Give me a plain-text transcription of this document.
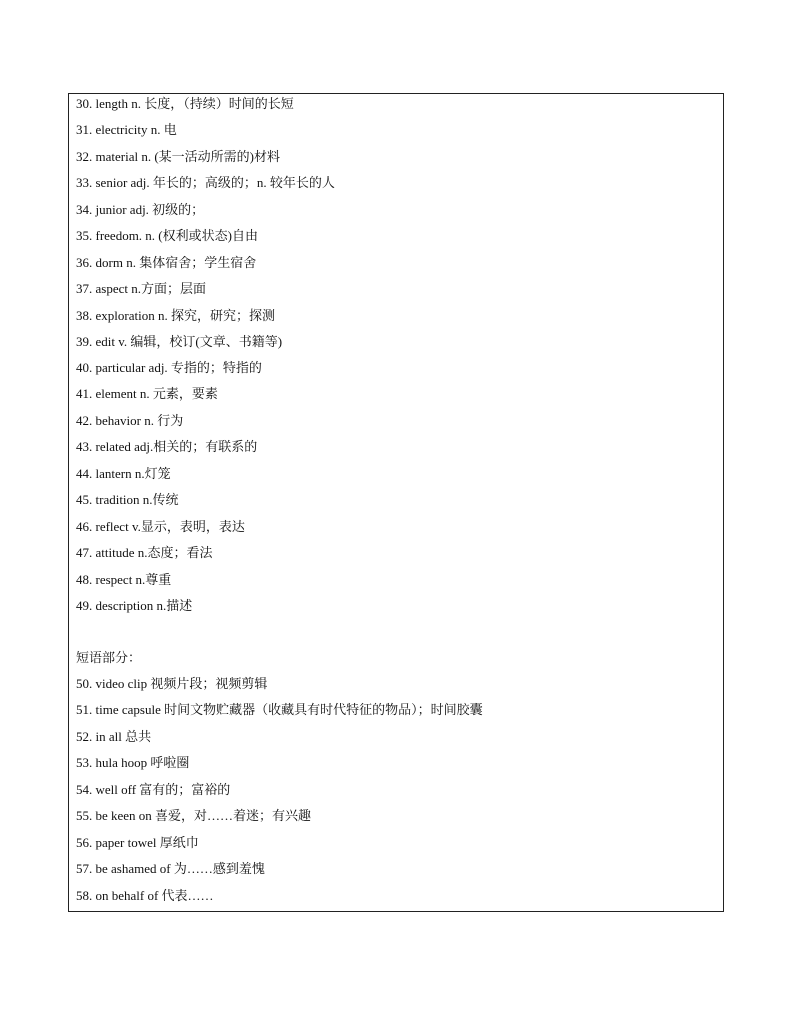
30. length n. 长度，（持续）时间的长短
31. electricity n. 电
32. material n. (某一活动所需的)材料
33. senior adj. 年长的；高级的；n. 较年长的人
34. junior adj. 初级的；
35. freedom. n. (权利或状态)自由
36. dorm n. 集体宿舍；学生宿舍
37. aspect n.方面；层面
38. exploration n. 探究，研究；探测
39. edit v. 编辑，校订(文章、书籍等)
40. particular adj. 专指的；特指的
41. element n. 元素，要素
42. behavior n. 行为
43. related adj.相关的；有联系的
44. lantern n.灯笼
45. tradition n.传统
46. reflect v.显示，表明，表达
47. attitude n.态度；看法
48. respect n.尊重
49. description n.描述
短语部分：
50. video clip 视频片段；视频剪辑
51. time capsule 时间文物贮藏器（收藏具有时代特征的物品）；时间胶囊
52. in all 总共
53. hula hoop 呼啦圈
54. well off 富有的；富裕的
55. be keen on 喜爱，对……着迷；有兴趣
56. paper towel 厚纸巾
57. be ashamed of 为……感到羞愧
58. on behalf of 代表……
